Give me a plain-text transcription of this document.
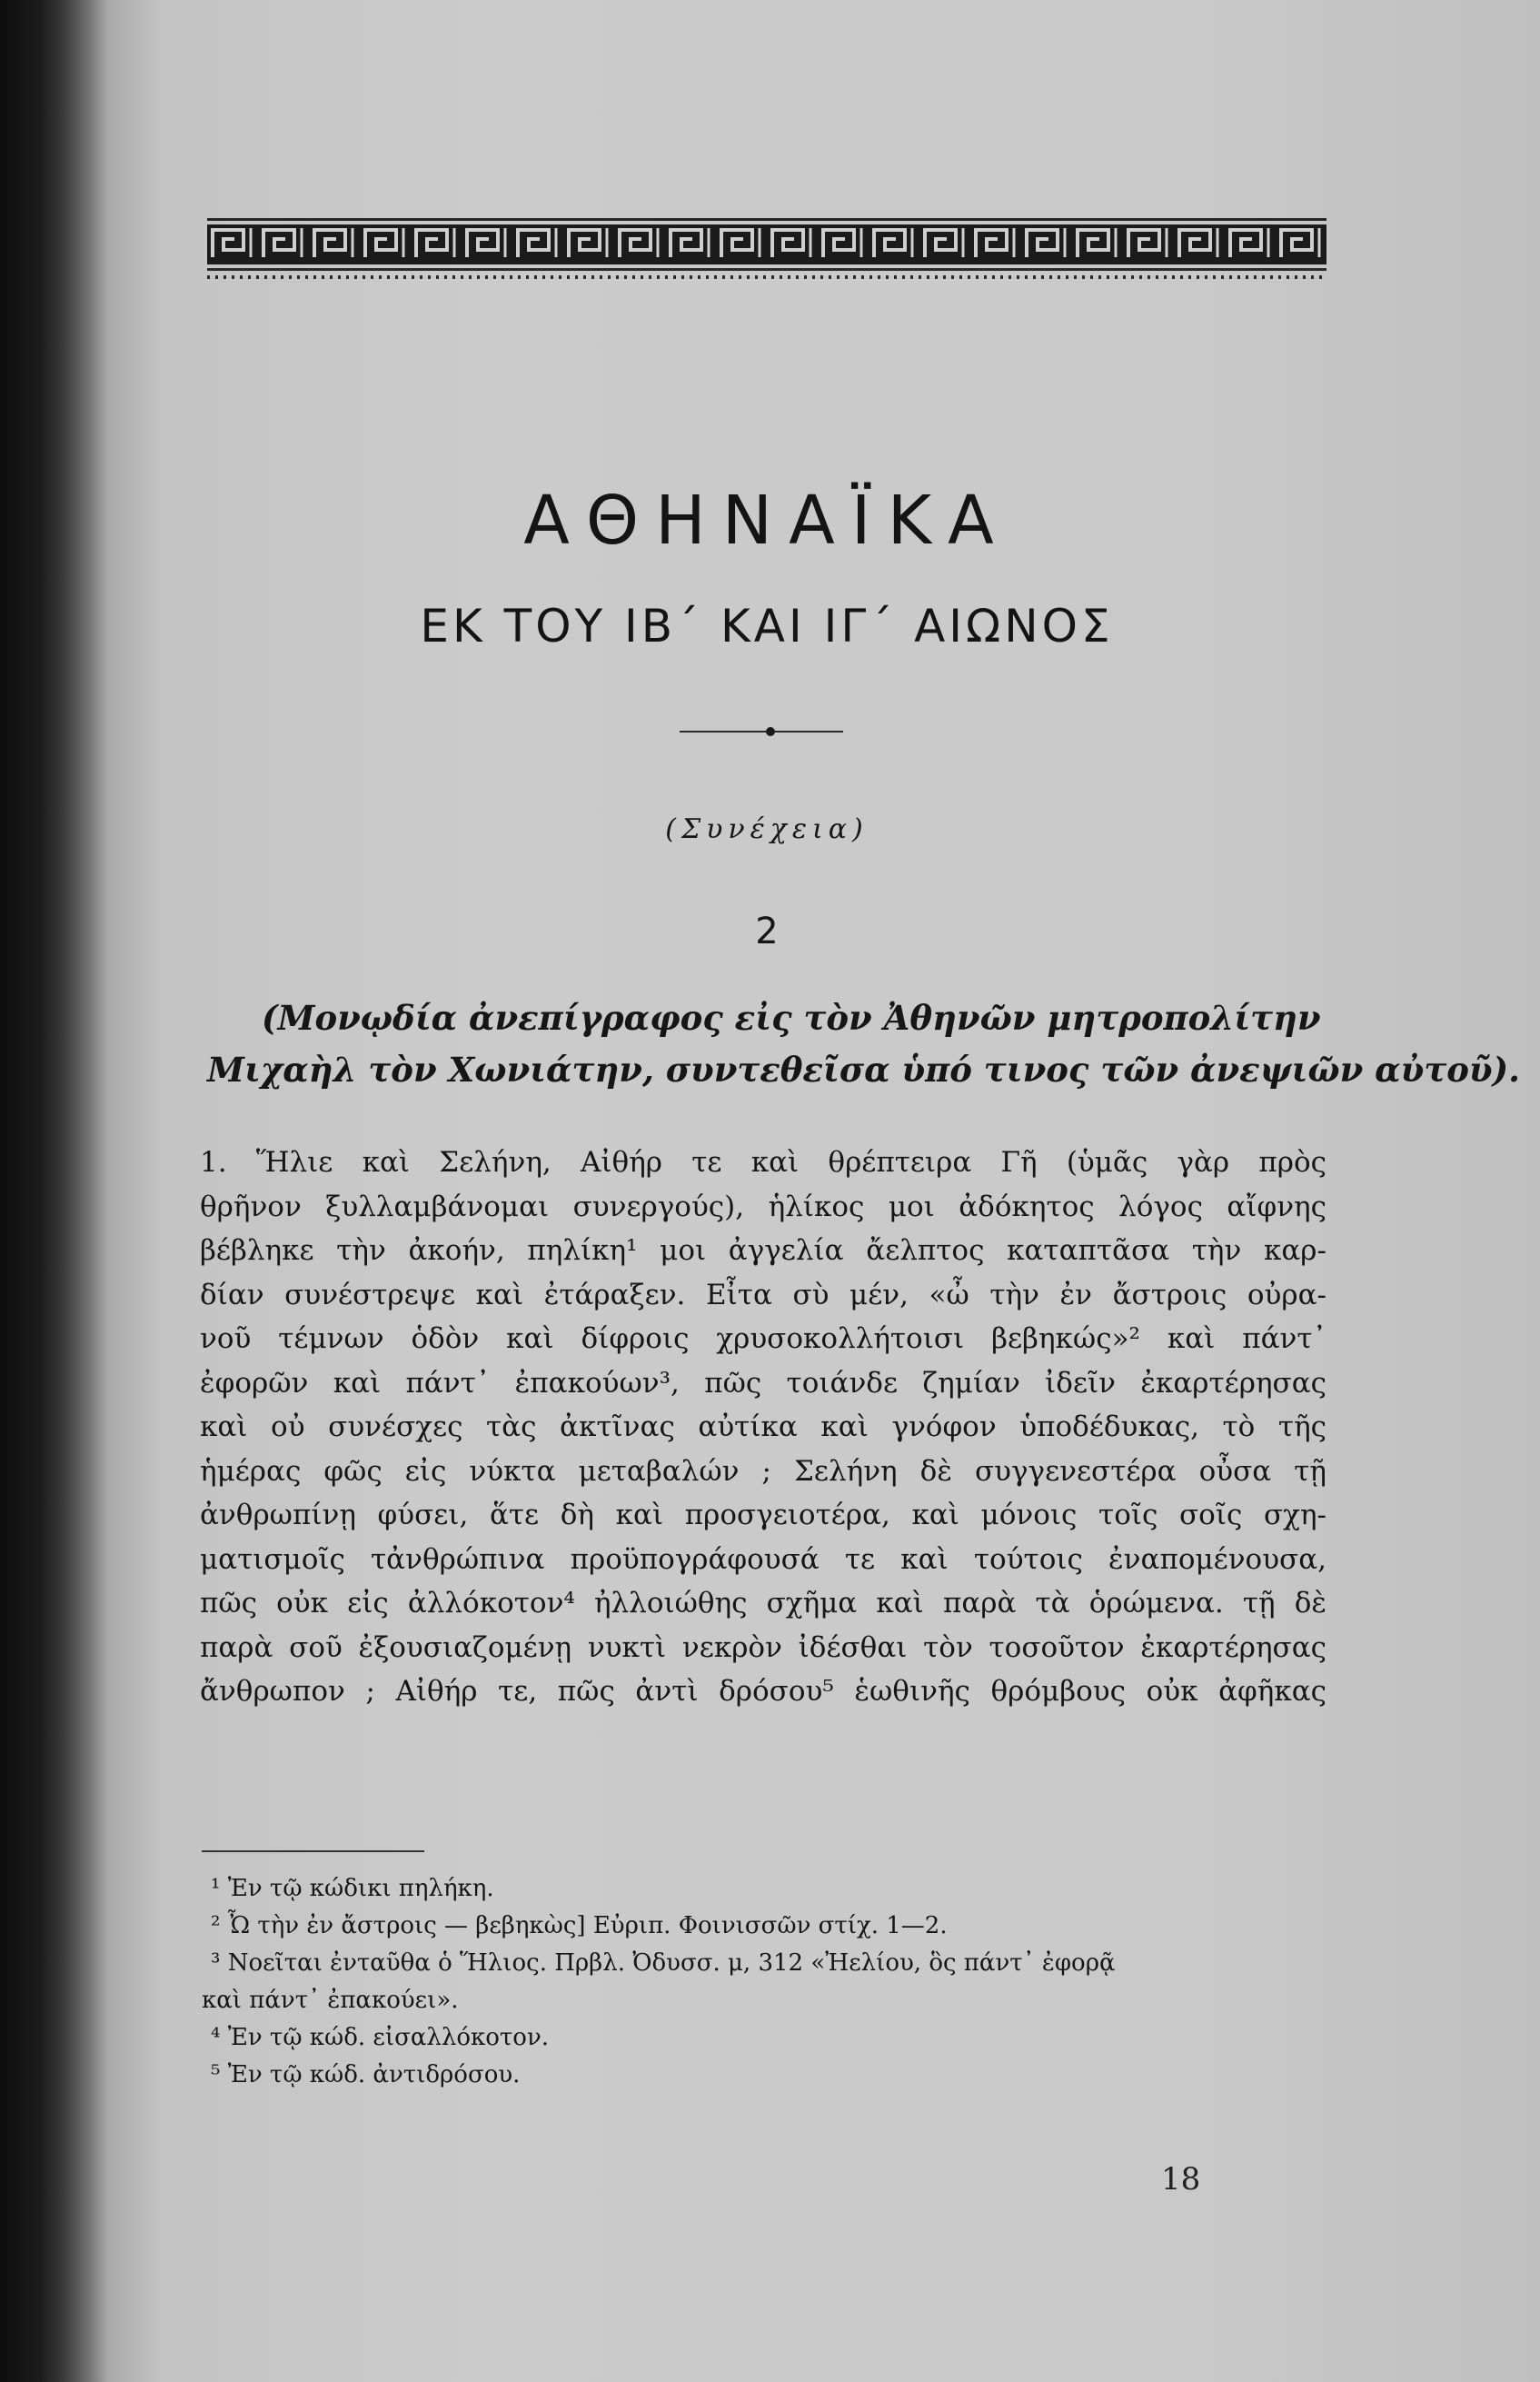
ΑΘΗΝΑΪΚΑ
ΕΚ ΤΟΥ ΙΒ΄ ΚΑΙ ΙΓ΄ ΑΙΩΝΟΣ
(Συνέχεια)
2
(Μονῳδία ἀνεπίγραφος εἰς τὸν Ἀθηνῶν μητροπολίτην
Μιχαὴλ τὸν Χωνιάτην, συντεθεῖσα ὑπό τινος τῶν ἀνεψιῶν αὐτοῦ).
1. Ἥλιε καὶ Σελήνη, Αἰθήρ τε καὶ θρέπτειρα Γῆ (ὑμᾶς γὰρ πρὸς
θρῆνον ξυλλαμβάνομαι συνεργούς), ἡλίκος μοι ἀδόκητος λόγος αἴφνης
βέβληκε τὴν ἀκοήν, πηλίκη¹ μοι ἀγγελία ἄελπτος καταπτᾶσα τὴν καρ-
δίαν συνέστρεψε καὶ ἐτάραξεν. Εἶτα σὺ μέν, «ὦ τὴν ἐν ἄστροις οὐρα-
νοῦ τέμνων ὁδὸν καὶ δίφροις χρυσοκολλήτοισι βεβηκώς»² καὶ πάντ᾽
ἐφορῶν καὶ πάντ᾽ ἐπακούων³, πῶς τοιάνδε ζημίαν ἰδεῖν ἐκαρτέρησας
καὶ οὐ συνέσχες τὰς ἀκτῖνας αὐτίκα καὶ γνόφον ὑποδέδυκας, τὸ τῆς
ἡμέρας φῶς εἰς νύκτα μεταβαλών ; Σελήνη δὲ συγγενεστέρα οὖσα τῇ
ἀνθρωπίνῃ φύσει, ἅτε δὴ καὶ προσγειοτέρα, καὶ μόνοις τοῖς σοῖς σχη-
ματισμοῖς τἀνθρώπινα προϋπογράφουσά τε καὶ τούτοις ἐναπομένουσα,
πῶς οὐκ εἰς ἀλλόκοτον⁴ ἠλλοιώθης σχῆμα καὶ παρὰ τὰ ὁρώμενα. τῇ δὲ
παρὰ σοῦ ἐξουσιαζομένῃ νυκτὶ νεκρὸν ἰδέσθαι τὸν τοσοῦτον ἐκαρτέρησας
ἄνθρωπον ; Αἰθήρ τε, πῶς ἀντὶ δρόσου⁵ ἑωθινῆς θρόμβους οὐκ ἀφῆκας
¹ Ἐν τῷ κώδικι πηλήκη.
² Ὦ τὴν ἐν ἄστροις — βεβηκὼς] Εὐριπ. Φοινισσῶν στίχ. 1—2.
³ Νοεῖται ἐνταῦθα ὁ Ἥλιος. Πρβλ. Ὀδυσσ. μ, 312 «Ἠελίου, ὃς πάντ᾽ ἐφορᾷ
καὶ πάντ᾽ ἐπακούει».
⁴ Ἐν τῷ κώδ. εἰσαλλόκοτον.
⁵ Ἐν τῷ κώδ. ἀντιδρόσου.
18
